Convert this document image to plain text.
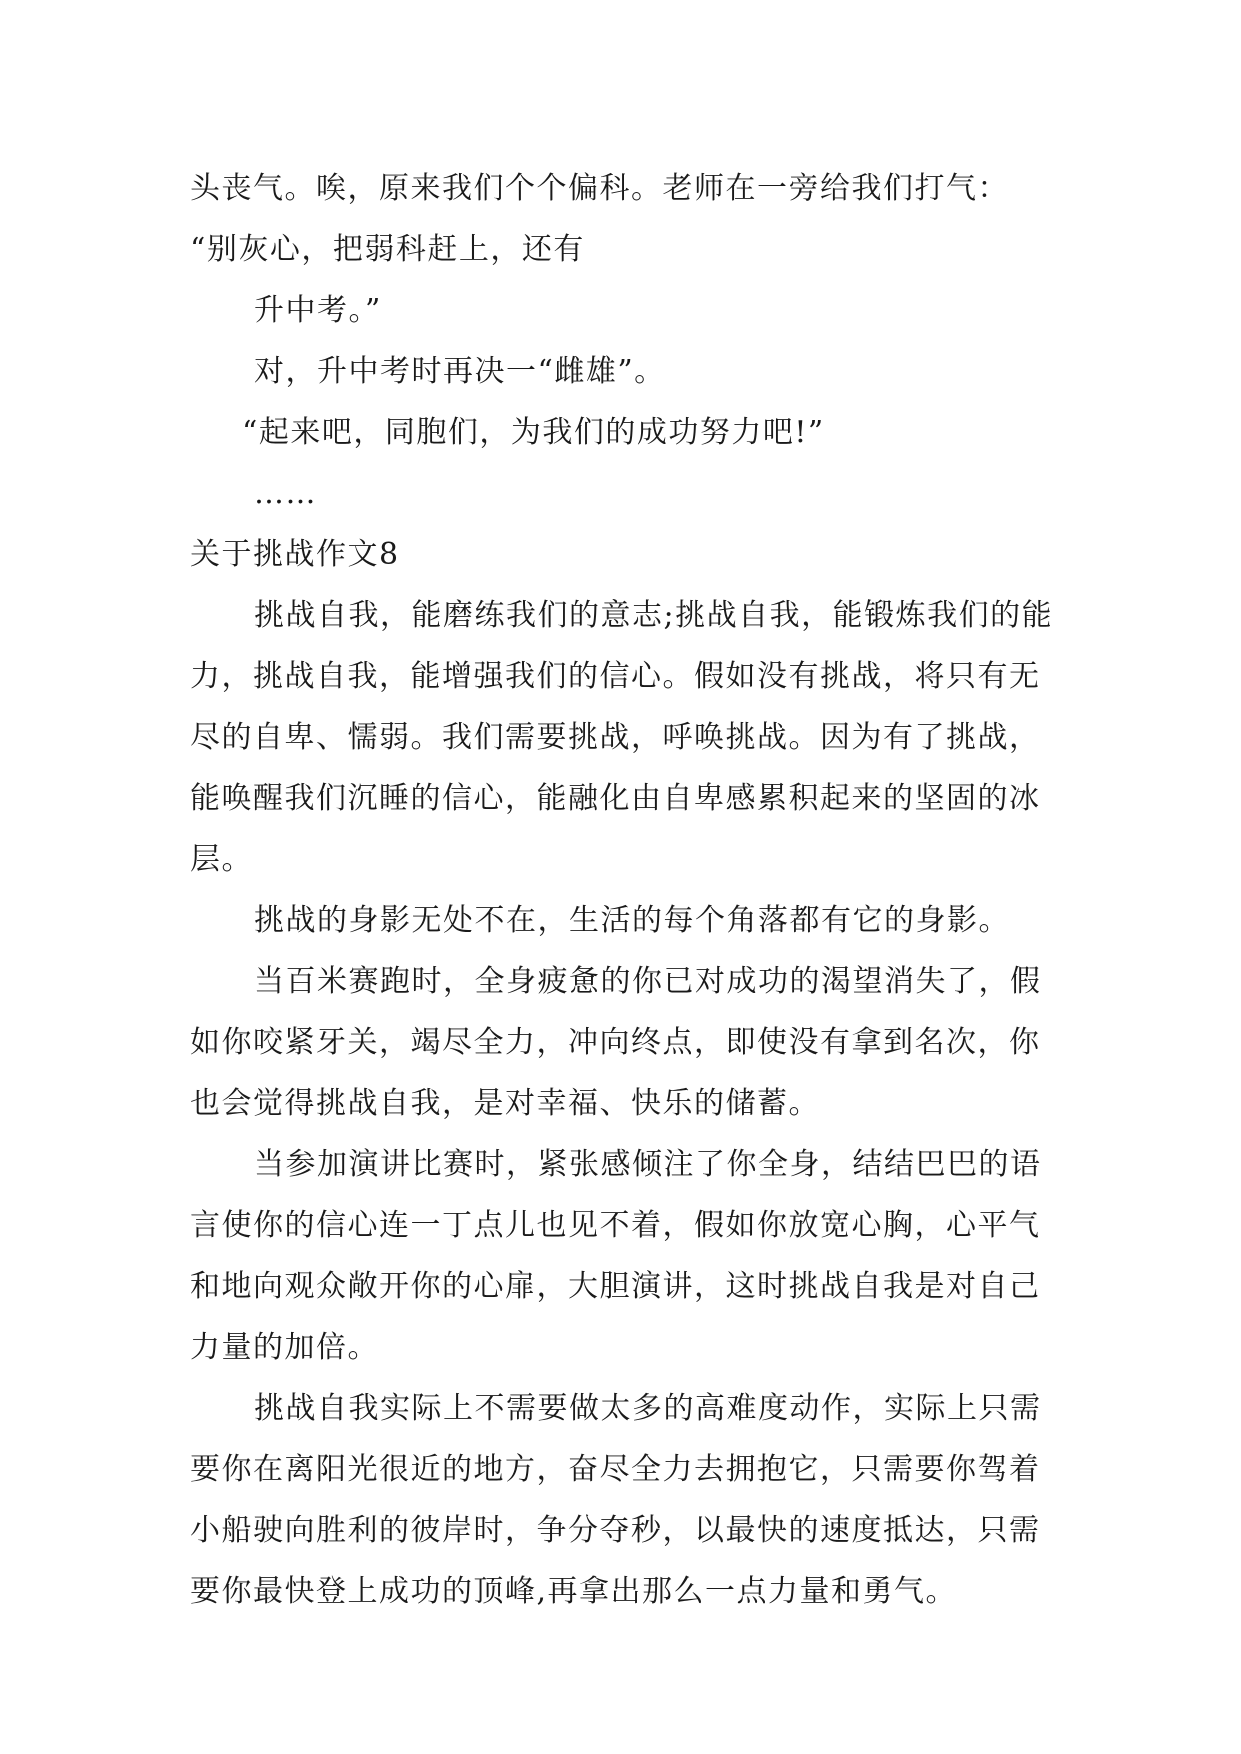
头丧气。唉，原来我们个个偏科。老师在一旁给我们打气：
“别灰心，把弱科赶上，还有
升中考。”
对，升中考时再决一“雌雄”。
“起来吧，同胞们，为我们的成功努力吧!”
……
关于挑战作文8
挑战自我，能磨练我们的意志;挑战自我，能锻炼我们的能力，挑战自我，能增强我们的信心。假如没有挑战，将只有无尽的自卑、懦弱。我们需要挑战，呼唤挑战。因为有了挑战，能唤醒我们沉睡的信心，能融化由自卑感累积起来的坚固的冰层。
挑战的身影无处不在，生活的每个角落都有它的身影。
当百米赛跑时，全身疲惫的你已对成功的渴望消失了，假如你咬紧牙关，竭尽全力，冲向终点，即使没有拿到名次，你也会觉得挑战自我，是对幸福、快乐的储蓄。
当参加演讲比赛时，紧张感倾注了你全身，结结巴巴的语言使你的信心连一丁点儿也见不着，假如你放宽心胸，心平气和地向观众敞开你的心扉，大胆演讲，这时挑战自我是对自己力量的加倍。
挑战自我实际上不需要做太多的高难度动作，实际上只需要你在离阳光很近的地方，奋尽全力去拥抱它，只需要你驾着小船驶向胜利的彼岸时，争分夺秒，以最快的速度抵达，只需要你最快登上成功的顶峰,再拿出那么一点力量和勇气。
